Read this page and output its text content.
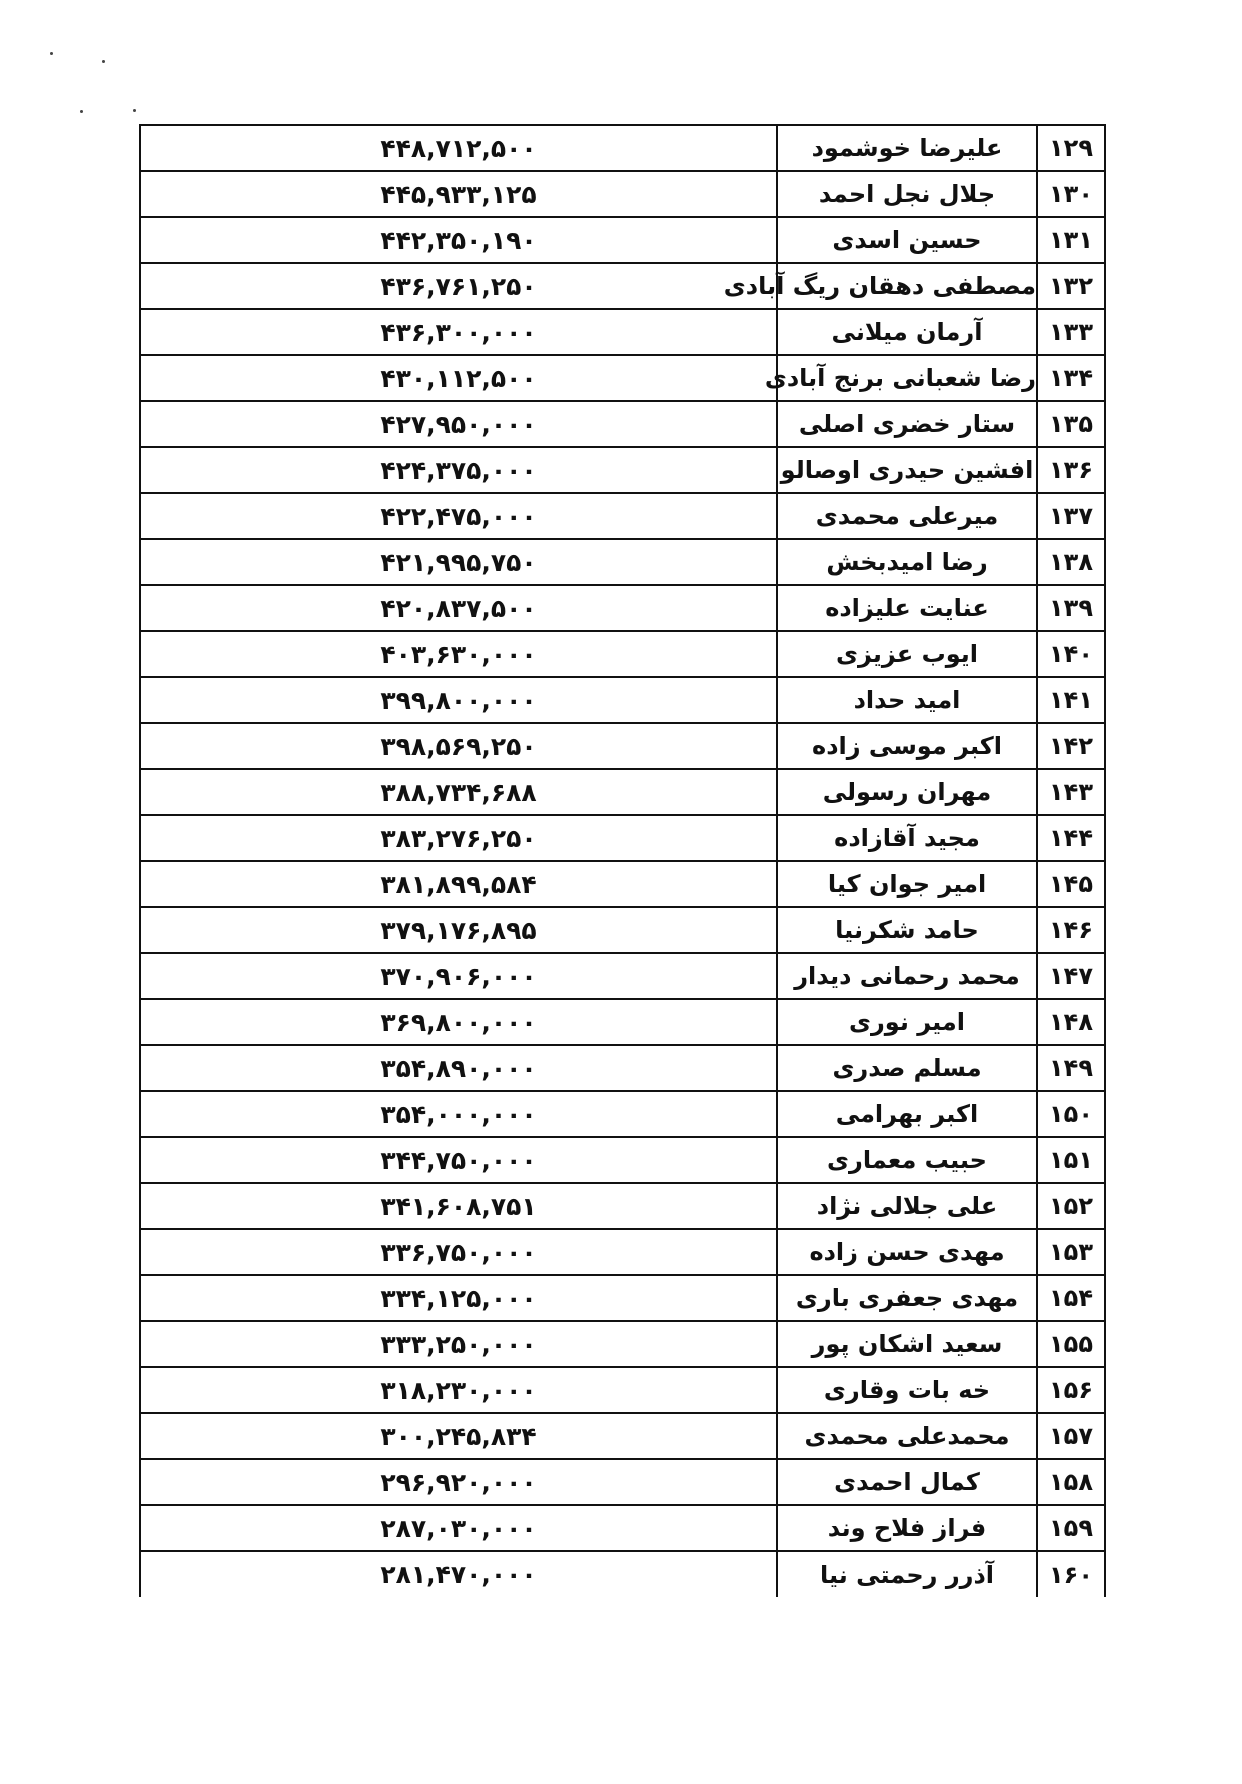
۴۴۸,۷۱۲,۵۰۰	علیرضا خوشمود	۱۲۹
۴۴۵,۹۳۳,۱۲۵	جلال نجل احمد	۱۳۰
۴۴۲,۳۵۰,۱۹۰	حسین اسدی	۱۳۱
۴۳۶,۷۶۱,۲۵۰	مصطفی دهقان ریگ آبادی	۱۳۲
۴۳۶,۳۰۰,۰۰۰	آرمان میلانی	۱۳۳
۴۳۰,۱۱۲,۵۰۰	رضا شعبانی برنج آبادی	۱۳۴
۴۲۷,۹۵۰,۰۰۰	ستار خضری اصلی	۱۳۵
۴۲۴,۳۷۵,۰۰۰	افشین حیدری اوصالو	۱۳۶
۴۲۲,۴۷۵,۰۰۰	میرعلی محمدی	۱۳۷
۴۲۱,۹۹۵,۷۵۰	رضا امیدبخش	۱۳۸
۴۲۰,۸۳۷,۵۰۰	عنایت علیزاده	۱۳۹
۴۰۳,۶۳۰,۰۰۰	ایوب عزیزی	۱۴۰
۳۹۹,۸۰۰,۰۰۰	امید حداد	۱۴۱
۳۹۸,۵۶۹,۲۵۰	اکبر موسی زاده	۱۴۲
۳۸۸,۷۳۴,۶۸۸	مهران رسولی	۱۴۳
۳۸۳,۲۷۶,۲۵۰	مجید آقازاده	۱۴۴
۳۸۱,۸۹۹,۵۸۴	امیر جوان کیا	۱۴۵
۳۷۹,۱۷۶,۸۹۵	حامد شکرنیا	۱۴۶
۳۷۰,۹۰۶,۰۰۰	محمد رحمانی دیدار	۱۴۷
۳۶۹,۸۰۰,۰۰۰	امیر نوری	۱۴۸
۳۵۴,۸۹۰,۰۰۰	مسلم صدری	۱۴۹
۳۵۴,۰۰۰,۰۰۰	اکبر بهرامی	۱۵۰
۳۴۴,۷۵۰,۰۰۰	حبیب معماری	۱۵۱
۳۴۱,۶۰۸,۷۵۱	علی جلالی نژاد	۱۵۲
۳۳۶,۷۵۰,۰۰۰	مهدی حسن زاده	۱۵۳
۳۳۴,۱۲۵,۰۰۰	مهدی جعفری باری	۱۵۴
۳۳۳,۲۵۰,۰۰۰	سعید اشکان پور	۱۵۵
۳۱۸,۲۳۰,۰۰۰	خه بات وقاری	۱۵۶
۳۰۰,۲۴۵,۸۳۴	محمدعلی محمدی	۱۵۷
۲۹۶,۹۲۰,۰۰۰	کمال احمدی	۱۵۸
۲۸۷,۰۳۰,۰۰۰	فراز فلاح وند	۱۵۹
۲۸۱,۴۷۰,۰۰۰	آذرر رحمتی نیا	۱۶۰
